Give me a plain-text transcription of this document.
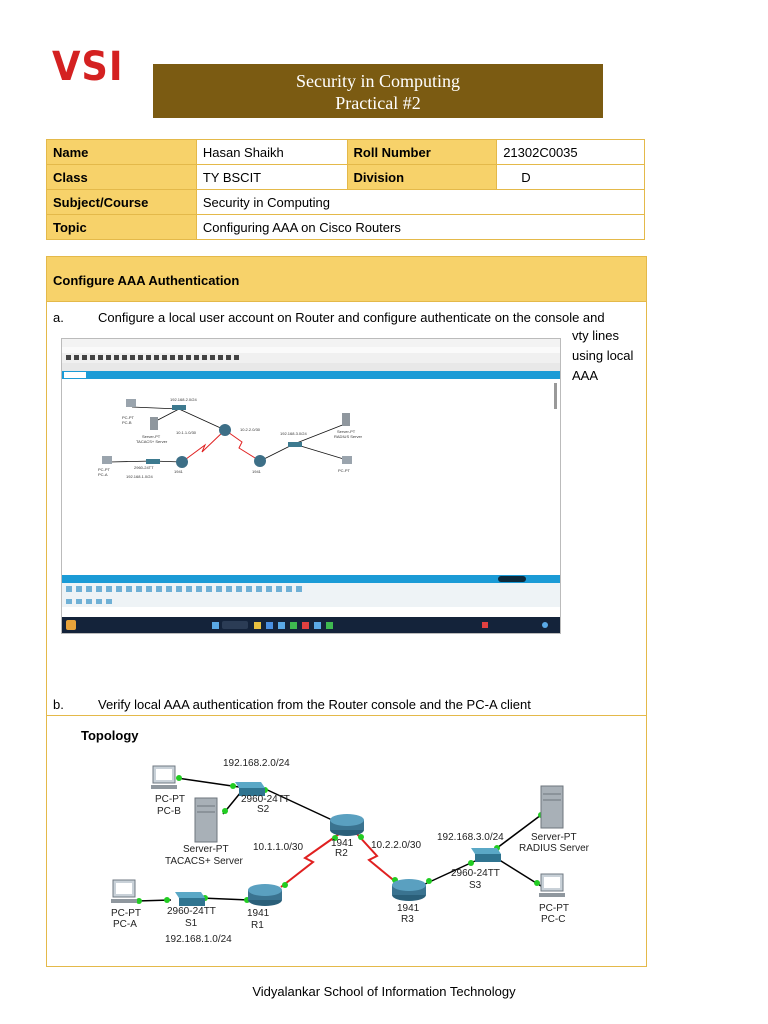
VSI	Security in Computing
Practical #2
Name	Hasan Shaikh	Roll Number	21302C0035
Class	TY BSCIT	Division	D
Subject/Course	Security in Computing		
Topic	Configuring AAA on Cisco Routers		
Configure AAA Authentication
a.	Configure a local user account on Router and configure authenticate on the console and
vty lines
using local
AAA
192.168.2.0/24
PC-PT
PC-B
Server-PT
TACACS+ Server
10.1.1.0/30
10.2.2.0/30
192.168.3.0/24	Server-PT
RADIUS Server
PC-PT
PC-A
2960-24TT
192.168.1.0/24
1941	1941	PC-PT
b.	Verify local AAA authentication from the Router console and the PC-A client
Topology
192.168.2.0/24
PC-PT
PC-B
2960-24TT
S2
Server-PT
TACACS+ Server
10.1.1.0/30	1941
R2
10.2.2.0/30
192.168.3.0/24	Server-PT
RADIUS Server
2960-24TT
S3
PC-PT
PC-A
2960-24TT
S1
192.168.1.0/24
1941
R1
1941
R3
PC-PT
PC-C
Vidyalankar School of Information Technology
